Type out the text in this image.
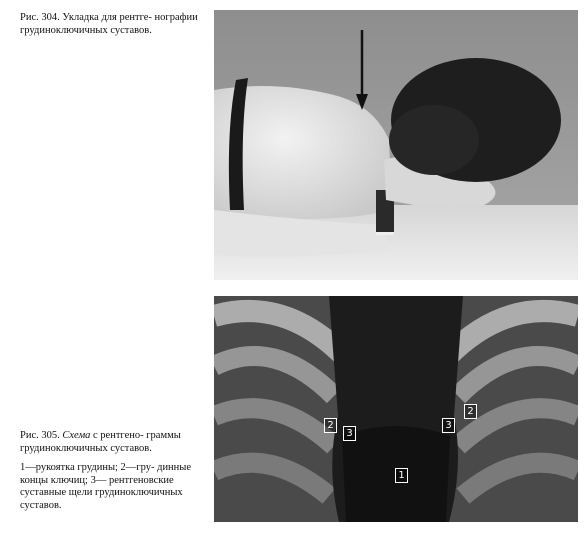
Рис. 304. Укладка для рентге- нографии грудиноключичных суставов.
2
3
3
2
1
Рис. 305. Схема с рентгено- граммы грудиноключичных суставов.
1—рукоятка грудины; 2—гру- динные концы ключиц; 3— рентгеновские суставные щели грудиноключичных суставов.
